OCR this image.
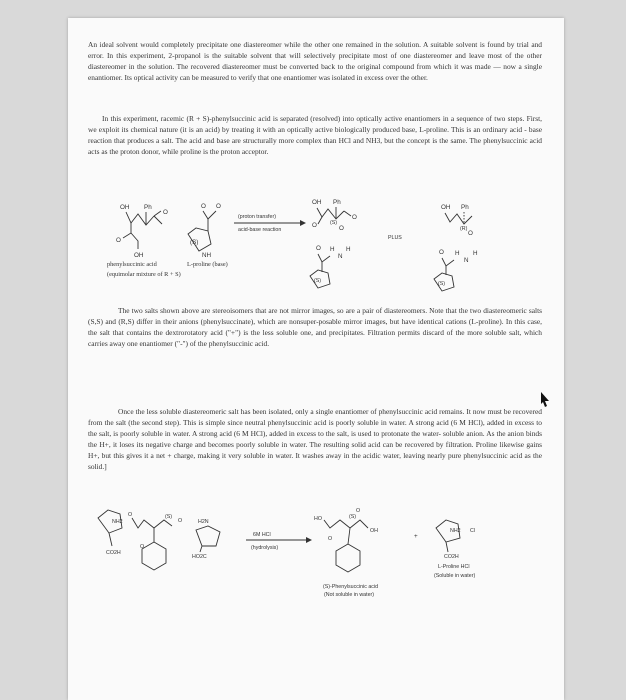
An ideal solvent would completely precipitate one diastereomer while the other one remained in the solution. A suitable solvent is found by trial and error. In this experiment, 2-propanol is the suitable solvent that will selectively precipitate most of one diastereomer and leave most of the other diastereomer in the solution. The recovered diastereomer must be converted back to the original compound from which it was made — now a single enantiomer. Its optical activity can be measured to verify that one enantiomer was isolated in excess over the other.

In this experiment, racemic (R + S)-phenylsuccinic acid is separated (resolved) into optically active enantiomers in a sequence of two steps. First, we exploit its chemical nature (it is an acid) by treating it with an optically active biologically produced base, L-proline. This is an ordinary acid - base reaction that produces a salt. The acid and base are structurally more complex than HCl and NH3, but the concept is the same. The phenylsuccinic acid acts as the proton donor, while proline is the proton acceptor.

OH Ph
O
O
OH
O O
(S)
NH
(proton transfer)
acid-base reaction
OH Ph
O
O (S)
O
O H H
N
(S)
PLUS
OH Ph
(R)
O
O H H
N
(S)
phenylsuccinic acid	L-proline (base)
(equimolar mixture of R + S)

The two salts shown above are stereoisomers that are not mirror images, so are a pair of diastereomers. Note that the two diastereomeric salts (S,S) and (R,S) differ in their anions (phenylsuccinate), which are nonsuper-posable mirror images, but have identical cations (L-proline). In this case, the salt that contains the dextrorotatory acid ("+") is the less soluble one, and precipitates. Filtration permits discard of the more soluble salt, which carries away one enantiomer ("-") of the phenylsuccinic acid.

Once the less soluble diastereomeric salt has been isolated, only a single enantiomer of phenylsuccinic acid remains. It now must be recovered from the salt (the second step). This is simple since neutral phenylsuccinic acid is poorly soluble in water. A strong acid (6 M HCl), added in excess to the salt, is poorly soluble in water. A strong acid (6 M HCl), added in excess to the salt, is used to protonate the water- soluble anion. As the anion binds the H+, it loses its negative charge and becomes poorly soluble in water. The resulting solid acid can be recovered by filtration. Proline likewise gains H+, but this gives it a net + charge, making it very soluble in water. It washes away in the acidic water, leaving nearly pure phenylsuccinic acid as the solid.]

NH2
O
CO2H
(S)
O
O	H2N
HO2C
6M HCl
(hydrolysis)
HO	(S)
OH
O
O
+
NH2 Cl
CO2H
(S)-Phenylsuccinic acid
(Not soluble in water)
L-Proline HCl
(Soluble in water)
